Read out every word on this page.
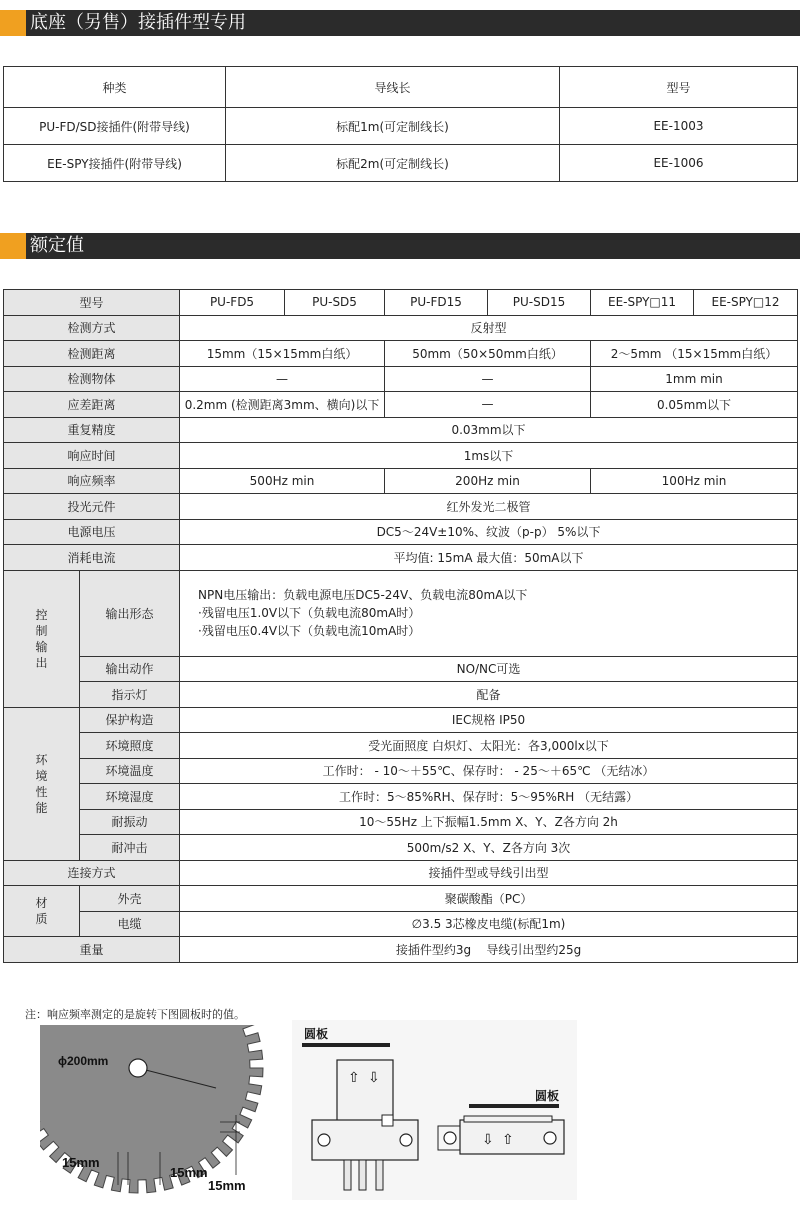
底座（另售）接插件型专用
种类	导线长	型号
PU-FD/SD接插件(附带导线)	标配1m(可定制线长)	EE-1003
EE-SPY接插件(附带导线)	标配2m(可定制线长)	EE-1006
额定值
型号		PU-FD5	PU-SD5	PU-FD15	PU-SD15	EE-SPY□11	EE-SPY□12
检测方式		反射型					
检测距离		15mm（15×15mm白纸）		50mm（50×50mm白纸）		2～5mm （15×15mm白纸）	
检测物体		—		—		1mm min	
应差距离		0.2mm (检测距离3mm、横向)以下		—		0.05mm以下	
重复精度		0.03mm以下					
响应时间		1ms以下					
响应频率		500Hz min		200Hz min		100Hz min	
投光元件		红外发光二极管					
电源电压		DC5～24V±10%、纹波（p-p） 5%以下					
消耗电流		平均值: 15mA 最大值：50mA以下					
控制输出	输出形态	NPN电压输出：负载电源电压DC5-24V、负载电流80mA以下
·残留电压1.0V以下（负载电流80mA时）
·残留电压0.4V以下（负载电流10mA时）					

	输出动作	NO/NC可选					
	指示灯	配备					
环境性能	保护构造	IEC规格 IP50					
	环境照度	受光面照度 白炽灯、太阳光：各3,000lx以下					
	环境温度	工作时： - 10～＋55℃、保存时： - 25～＋65℃ （无结冰）					
	环境湿度	工作时：5～85%RH、保存时：5～95%RH （无结露）					
	耐振动	10～55Hz 上下振幅1.5mm X、Y、Z各方向 2h					
	耐冲击	500m/s2 X、Y、Z各方向 3次					
连接方式		接插件型或导线引出型					
材质	外壳	聚碳酸酯（PC）					
	电缆	∅3.5 3芯橡皮电缆(标配1m)					
重量		接插件型约3g    导线引出型约25g					
注：响应频率测定的是旋转下图圆板时的值。
ϕ200mm
15mm
15mm
15mm
圆板
⇧ ⇩
圆板
⇩ ⇧
